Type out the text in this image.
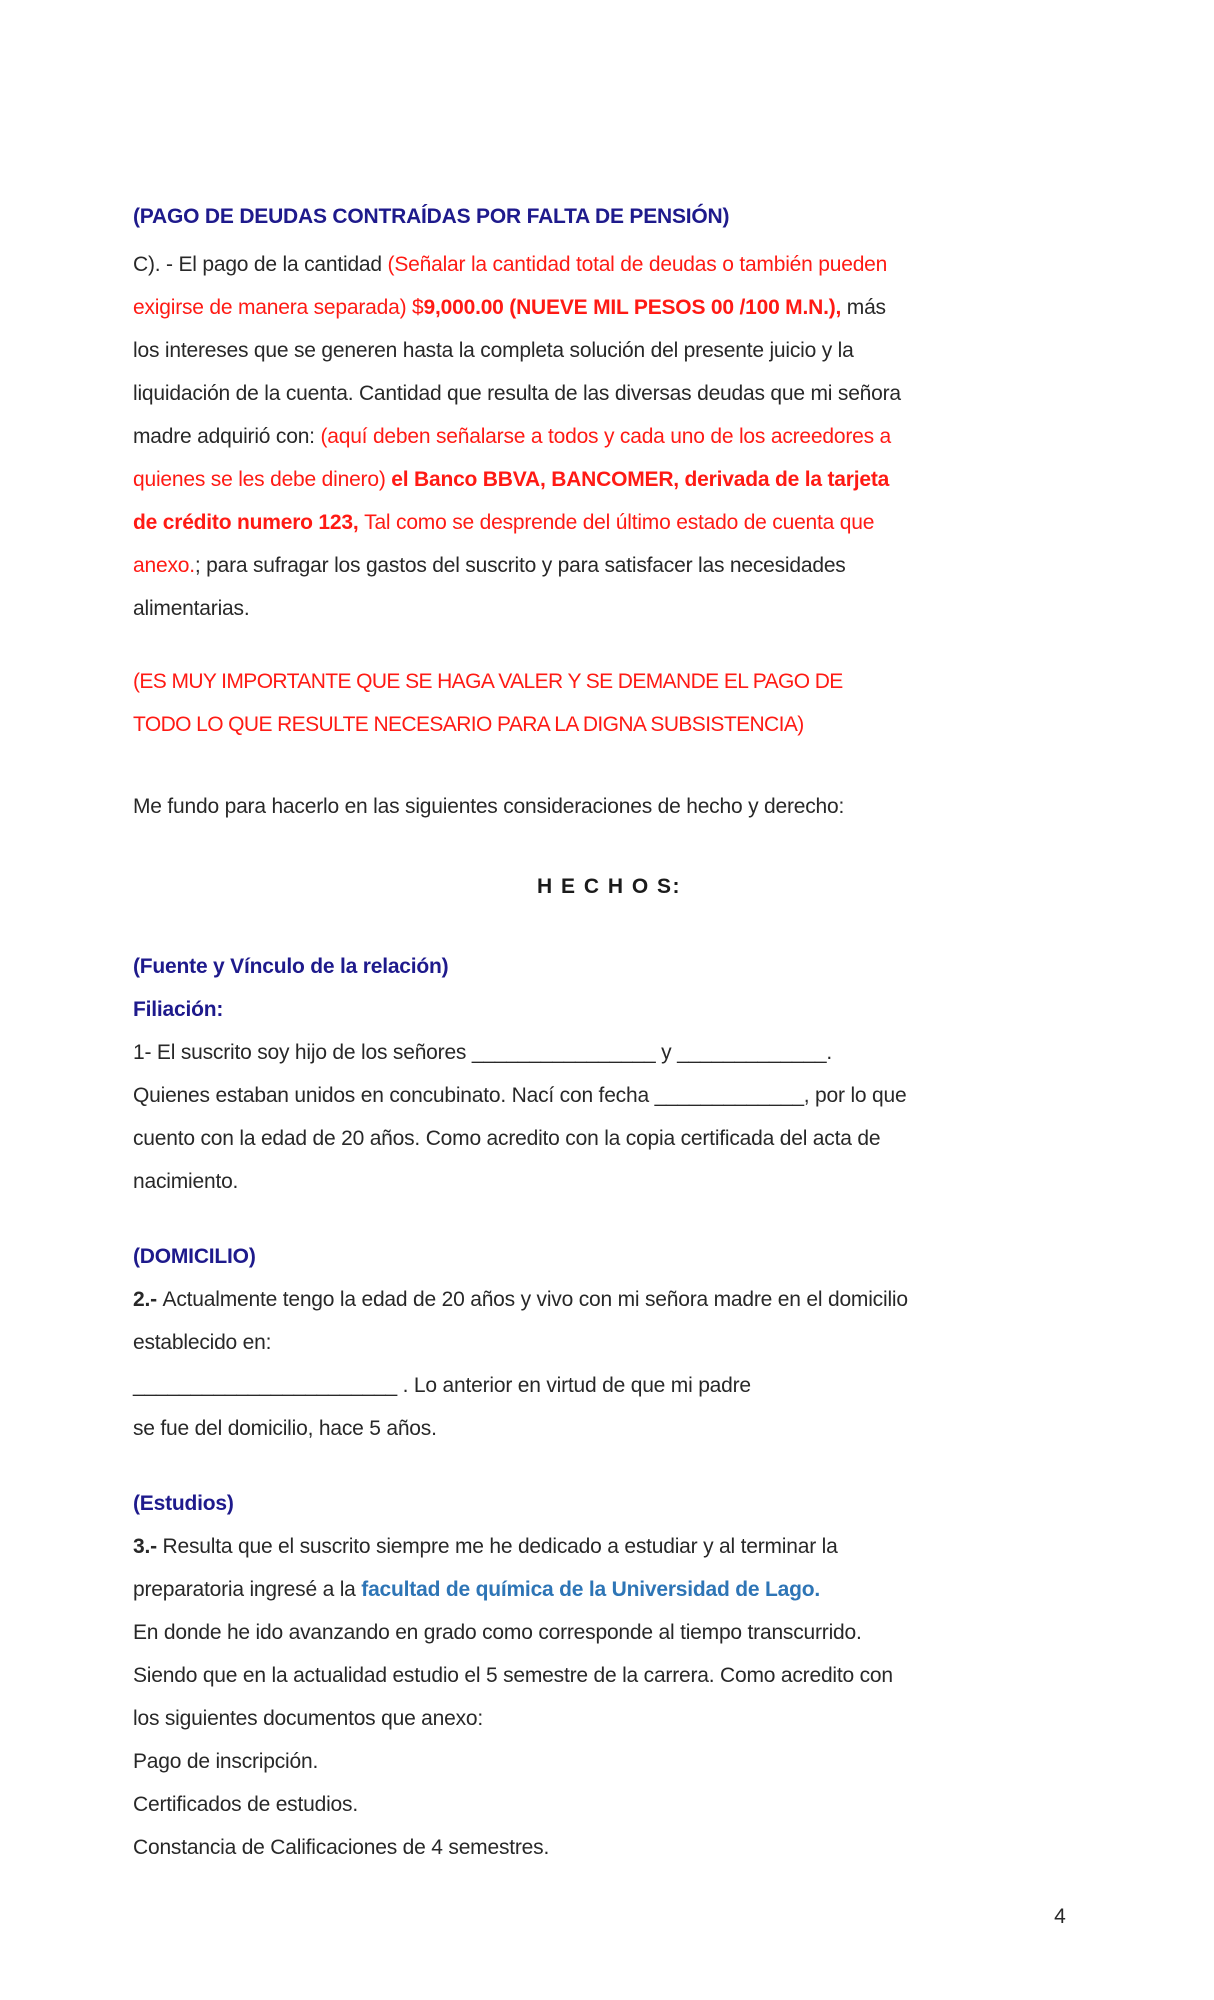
(PAGO DE DEUDAS CONTRAÍDAS POR FALTA DE PENSIÓN)
C). - El pago de la cantidad (Señalar la cantidad total de deudas o también pueden
exigirse de manera separada) $9,000.00 (NUEVE MIL PESOS 00 /100 M.N.), más
los intereses que se generen hasta la completa solución del presente juicio y la
liquidación de la cuenta. Cantidad que resulta de las diversas deudas que mi señora
madre adquirió con: (aquí deben señalarse a todos y cada uno de los acreedores a
quienes se les debe dinero) el Banco BBVA, BANCOMER, derivada de la tarjeta
de crédito numero 123, Tal como se desprende del último estado de cuenta que
anexo.; para sufragar los gastos del suscrito y para satisfacer las necesidades
alimentarias.
(ES MUY IMPORTANTE QUE SE HAGA VALER Y SE DEMANDE EL PAGO DE
TODO LO QUE RESULTE NECESARIO PARA LA DIGNA SUBSISTENCIA)
Me fundo para hacerlo en las siguientes consideraciones de hecho y derecho:
H E C H O S:
(Fuente y Vínculo de la relación)
Filiación:
1- El suscrito soy hijo de los señores ________________ y _____________.
Quienes estaban unidos en concubinato. Nací con fecha _____________, por lo que
cuento con la edad de 20 años. Como acredito con la copia certificada del acta de
nacimiento.
(DOMICILIO)
2.- Actualmente tengo la edad de 20 años y vivo con mi señora madre en el domicilio
establecido en:
_______________________ . Lo anterior en virtud de que mi padre
se fue del domicilio, hace 5 años.
(Estudios)
3.- Resulta que el suscrito siempre me he dedicado a estudiar y al terminar la
preparatoria ingresé a la facultad de química de la Universidad de Lago.
En donde he ido avanzando en grado como corresponde al tiempo transcurrido.
Siendo que en la actualidad estudio el 5 semestre de la carrera. Como acredito con
los siguientes documentos que anexo:
Pago de inscripción.
Certificados de estudios.
Constancia de Calificaciones de 4 semestres.
4
